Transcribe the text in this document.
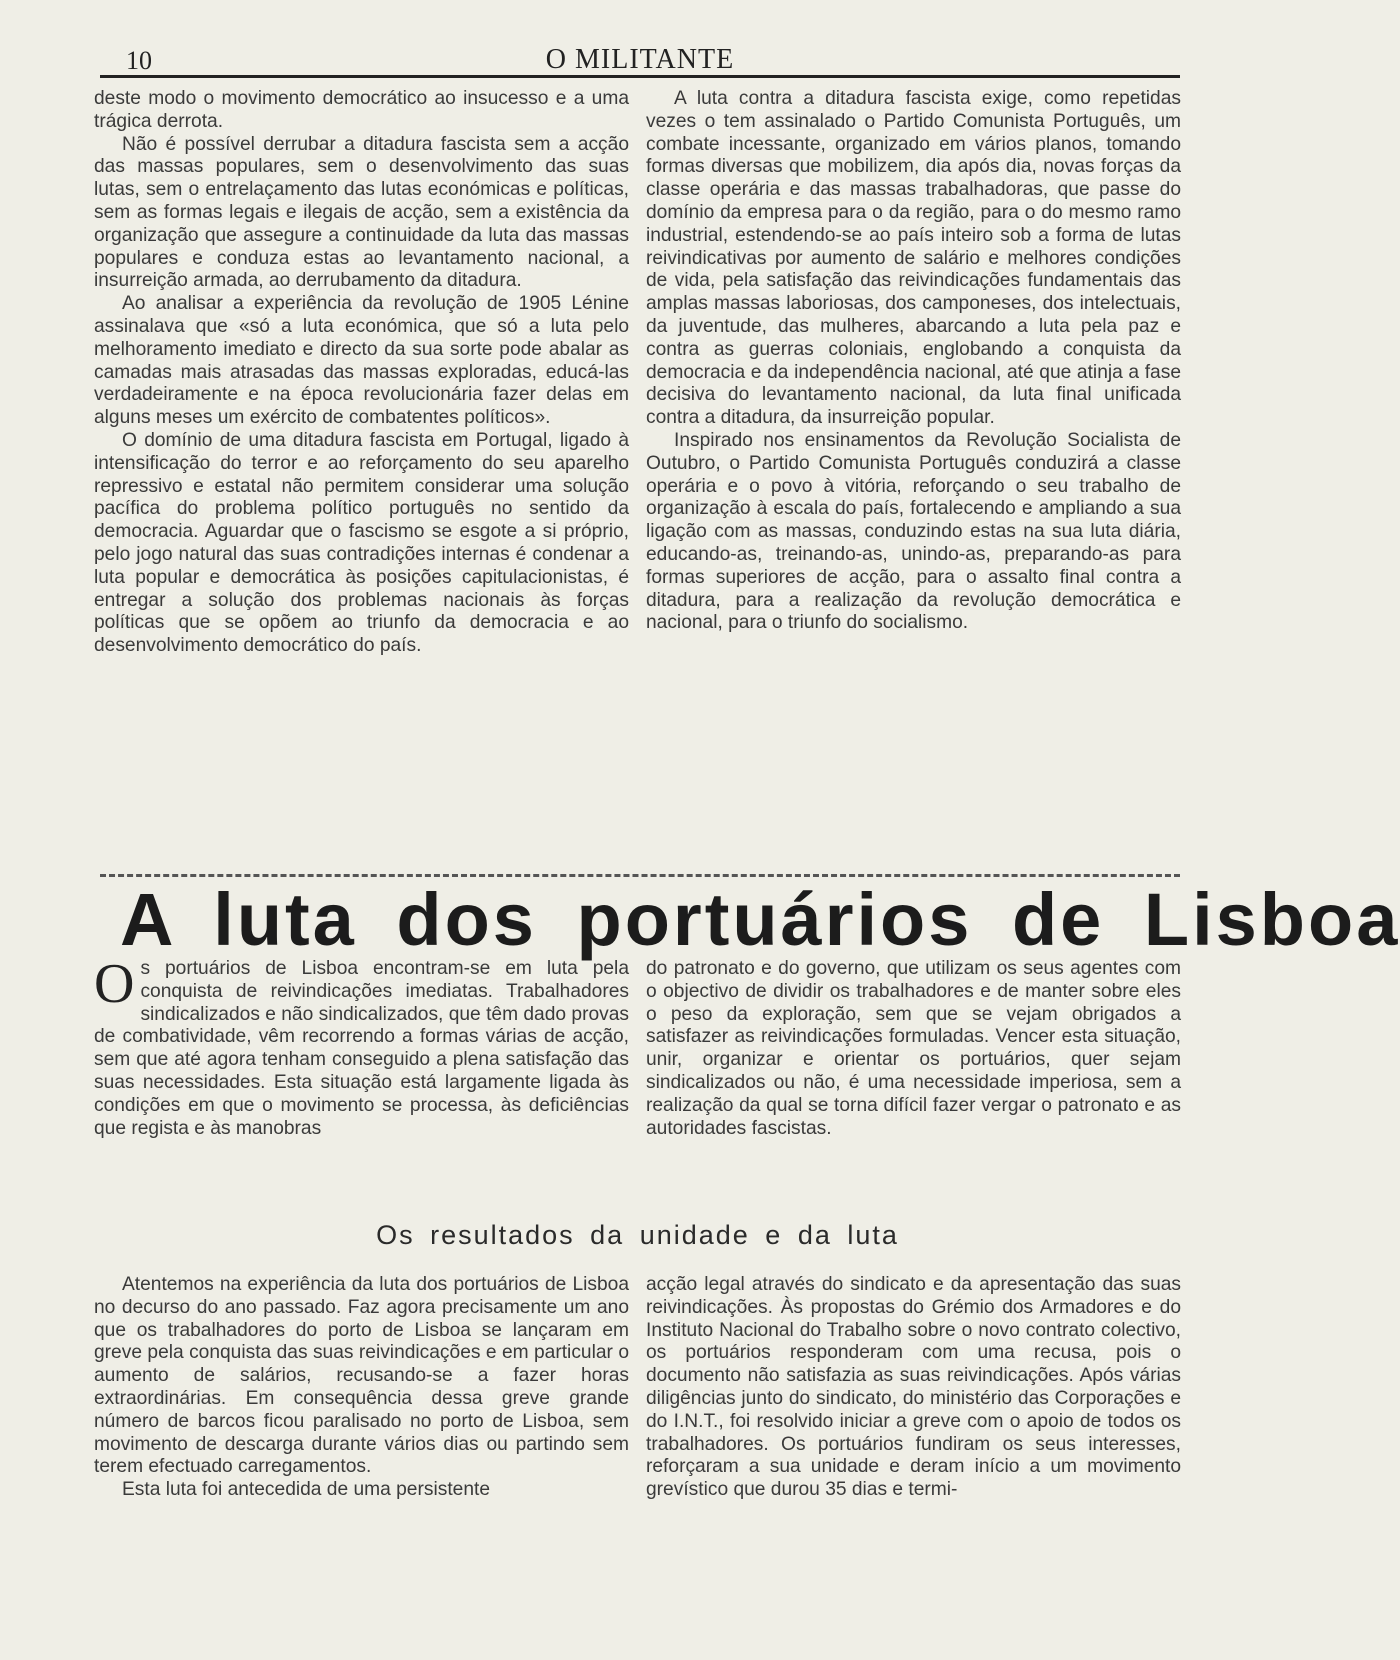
10	O MILITANTE

deste modo o movimento democrático ao insucesso e a uma trágica derrota.

Não é possível derrubar a ditadura fascista sem a acção das massas populares, sem o desenvolvimento das suas lutas, sem o entrelaçamento das lutas económicas e políticas, sem as formas legais e ilegais de acção, sem a existência da organização que assegure a continuidade da luta das massas populares e conduza estas ao levantamento nacional, a insurreição armada, ao derrubamento da ditadura.

Ao analisar a experiência da revolução de 1905 Lénine assinalava que «só a luta económica, que só a luta pelo melhoramento imediato e directo da sua sorte pode abalar as camadas mais atrasadas das massas exploradas, educá-las verdadeiramente e na época revolucionária fazer delas em alguns meses um exército de combatentes políticos».

O domínio de uma ditadura fascista em Portugal, ligado à intensificação do terror e ao reforçamento do seu aparelho repressivo e estatal não permitem considerar uma solução pacífica do problema político português no sentido da democracia. Aguardar que o fascismo se esgote a si próprio, pelo jogo natural das suas contradições internas é condenar a luta popular e democrática às posições capitulacionistas, é entregar a solução dos problemas nacionais às forças políticas que se opõem ao triunfo da democracia e ao desenvolvimento democrático do país.

A luta contra a ditadura fascista exige, como repetidas vezes o tem assinalado o Partido Comunista Português, um combate incessante, organizado em vários planos, tomando formas diversas que mobilizem, dia após dia, novas forças da classe operária e das massas trabalhadoras, que passe do domínio da empresa para o da região, para o do mesmo ramo industrial, estendendo-se ao país inteiro sob a forma de lutas reivindicativas por aumento de salário e melhores condições de vida, pela satisfação das reivindicações fundamentais das amplas massas laboriosas, dos camponeses, dos intelectuais, da juventude, das mulheres, abarcando a luta pela paz e contra as guerras coloniais, englobando a conquista da democracia e da independência nacional, até que atinja a fase decisiva do levantamento nacional, da luta final unificada contra a ditadura, da insurreição popular.

Inspirado nos ensinamentos da Revolução Socialista de Outubro, o Partido Comunista Português conduzirá a classe operária e o povo à vitória, reforçando o seu trabalho de organização à escala do país, fortalecendo e ampliando a sua ligação com as massas, conduzindo estas na sua luta diária, educando-as, treinando-as, unindo-as, preparando-as para formas superiores de acção, para o assalto final contra a ditadura, para a realização da revolução democrática e nacional, para o triunfo do socialismo.

A luta dos portuários de Lisboa
O s portuários de Lisboa encontram-se em luta pela conquista de reivindicações imediatas. Trabalhadores sindicalizados e não sindicalizados, que têm dado provas de combatividade, vêm recorrendo a formas várias de acção, sem que até agora tenham conseguido a plena satisfação das suas necessidades. Esta situação está largamente ligada às condições em que o movimento se processa, às deficiências que regista e às manobras

do patronato e do governo, que utilizam os seus agentes com o objectivo de dividir os trabalhadores e de manter sobre eles o peso da exploração, sem que se vejam obrigados a satisfazer as reivindicações formuladas. Vencer esta situação, unir, organizar e orientar os portuários, quer sejam sindicalizados ou não, é uma necessidade imperiosa, sem a realização da qual se torna difícil fazer vergar o patronato e as autoridades fascistas.

Os resultados da unidade e da luta

Atentemos na experiência da luta dos portuários de Lisboa no decurso do ano passado. Faz agora precisamente um ano que os trabalhadores do porto de Lisboa se lançaram em greve pela conquista das suas reivindicações e em particular o aumento de salários, recusando-se a fazer horas extraordinárias. Em consequência dessa greve grande número de barcos ficou paralisado no porto de Lisboa, sem movimento de descarga durante vários dias ou partindo sem terem efectuado carregamentos.

Esta luta foi antecedida de uma persistente

acção legal através do sindicato e da apresentação das suas reivindicações. Às propostas do Grémio dos Armadores e do Instituto Nacional do Trabalho sobre o novo contrato colectivo, os portuários responderam com uma recusa, pois o documento não satisfazia as suas reivindicações. Após várias diligências junto do sindicato, do ministério das Corporações e do I.N.T., foi resolvido iniciar a greve com o apoio de todos os trabalhadores. Os portuários fundiram os seus interesses, reforçaram a sua unidade e deram início a um movimento grevístico que durou 35 dias e termi-
